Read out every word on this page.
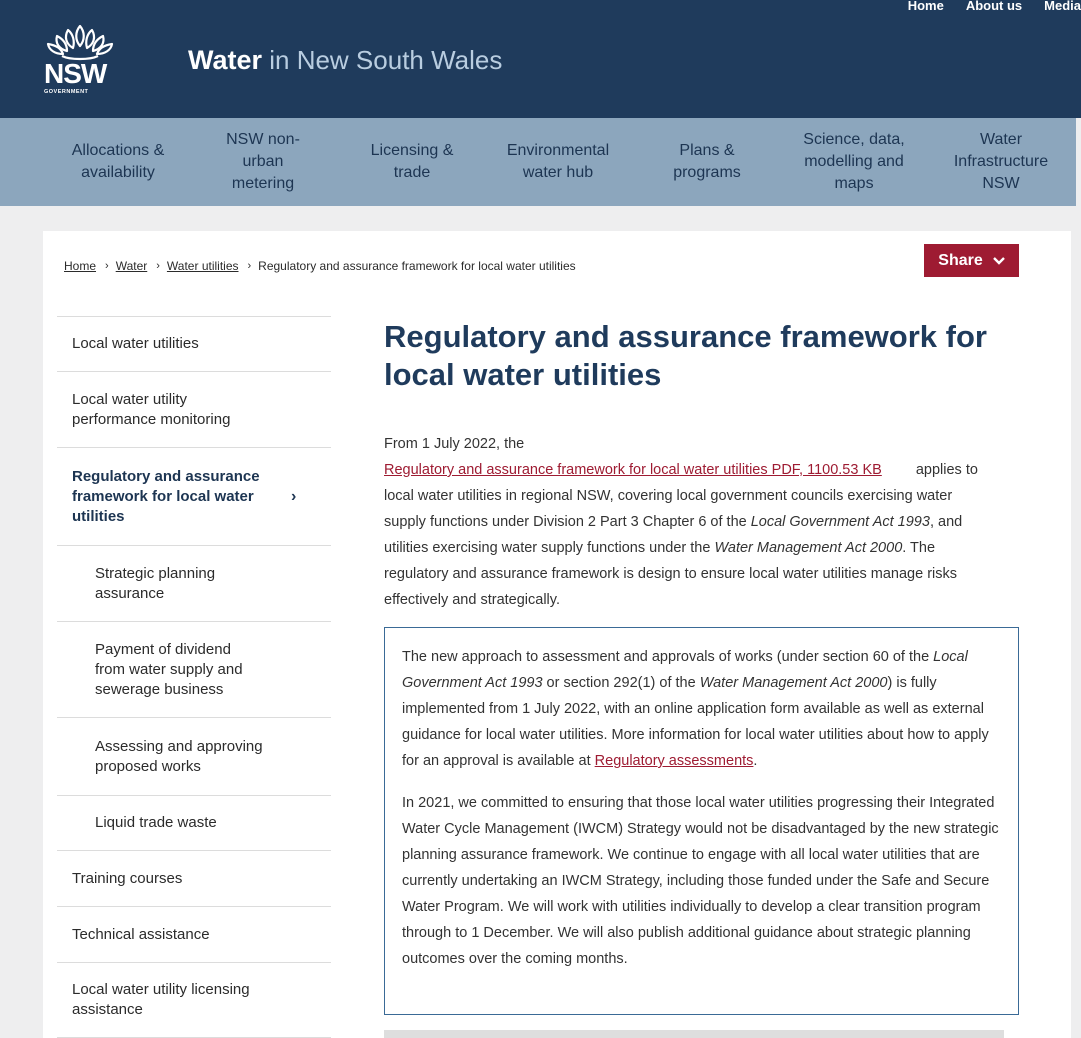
Home About us Media
NSW
GOVERNMENT
Water in New South Wales
Allocations &
availability
NSW non-
urban
metering
Licensing &
trade
Environmental
water hub
Plans &
programs
Science, data,
modelling and
maps
Water
Infrastructure
NSW
Home › Water › Water utilities › Regulatory and assurance framework for local water utilities	Share
Local water utilities
Local water utility
performance monitoring
Regulatory and assurance
framework for local water
utilities
›
Strategic planning
assurance
Payment of dividend
from water supply and
sewerage business
Assessing and approving
proposed works
Liquid trade waste
Training courses
Technical assistance
Local water utility licensing
assistance
Regulatory and assurance framework for local water utilities

From 1 July 2022, the

Regulatory and assurance framework for local water utilities PDF, 1100.53 KB applies to local water utilities in regional NSW, covering local government councils exercising water supply functions under Division 2 Part 3 Chapter 6 of the Local Government Act 1993, and utilities exercising water supply functions under the Water Management Act 2000. The regulatory and assurance framework is design to ensure local water utilities manage risks effectively and strategically.

The new approach to assessment and approvals of works (under section 60 of the Local Government Act 1993 or section 292(1) of the Water Management Act 2000) is fully implemented from 1 July 2022, with an online application form available as well as external guidance for local water utilities. More information for local water utilities about how to apply for an approval is available at Regulatory assessments.

In 2021, we committed to ensuring that those local water utilities progressing their Integrated Water Cycle Management (IWCM) Strategy would not be disadvantaged by the new strategic planning assurance framework. We continue to engage with all local water utilities that are currently undertaking an IWCM Strategy, including those funded under the Safe and Secure Water Program. We will work with utilities individually to develop a clear transition program through to 1 December. We will also publish additional guidance about strategic planning outcomes over the coming months.
